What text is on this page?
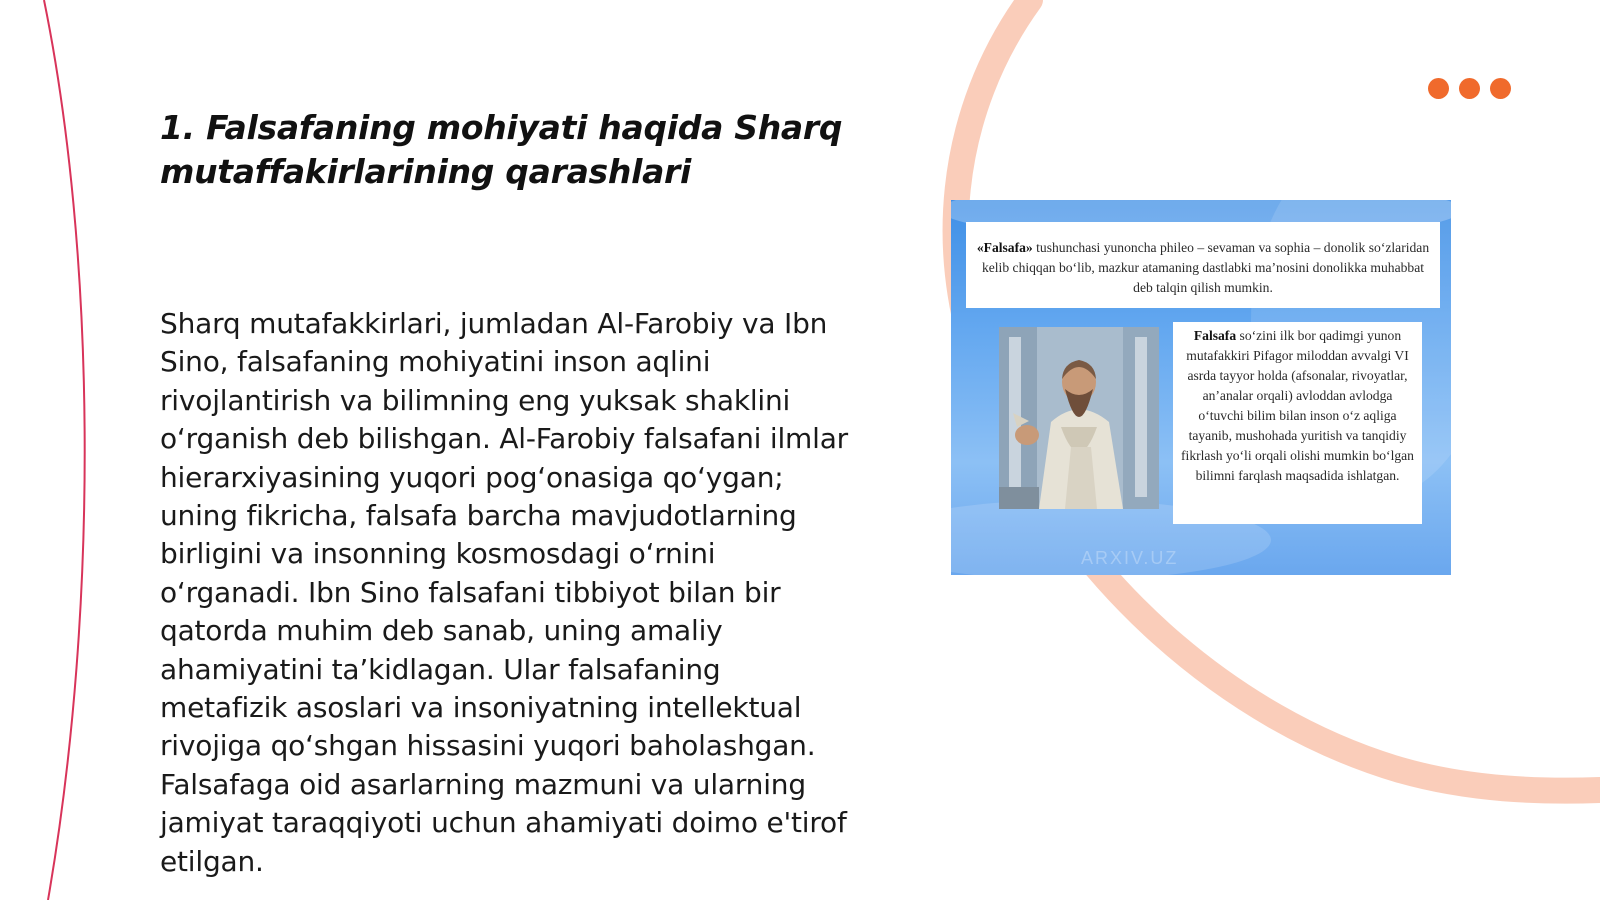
1. Falsafaning mohiyati haqida Sharq mutaffakirlarining qarashlari

Sharq mutafakkirlari, jumladan Al-Farobiy va Ibn Sino, falsafaning mohiyatini inson aqlini rivojlantirish va bilimning eng yuksak shaklini o‘rganish deb bilishgan. Al-Farobiy falsafani ilmlar hierarxiyasining yuqori pog‘onasiga qo‘ygan; uning fikricha, falsafa barcha mavjudotlarning birligini va insonning kosmosdagi o‘rnini o‘rganadi. Ibn Sino falsafani tibbiyot bilan bir qatorda muhim deb sanab, uning amaliy ahamiyatini ta’kidlagan. Ular falsafaning metafizik asoslari va insoniyatning intellektual rivojiga qo‘shgan hissasini yuqori baholashgan. Falsafaga oid asarlarning mazmuni va ularning jamiyat taraqqiyoti uchun ahamiyati doimo e'tirof etilgan.

«Falsafa» tushunchasi yunoncha phileo – sevaman va sophia – donolik so‘zlaridan kelib chiqqan bo‘lib, mazkur atamaning dastlabki ma’nosini donolikka muhabbat deb talqin qilish mumkin.
Falsafa so‘zini ilk bor qadimgi yunon mutafakkiri Pifagor miloddan avvalgi VI asrda tayyor holda (afsonalar, rivoyatlar, an’analar orqali) avloddan avlodga o‘tuvchi bilim bilan inson o‘z aqliga tayanib, mushohada yuritish va tanqidiy fikrlash yo‘li orqali olishi mumkin bo‘lgan bilimni farqlash maqsadida ishlatgan.
ARXIV.UZ
